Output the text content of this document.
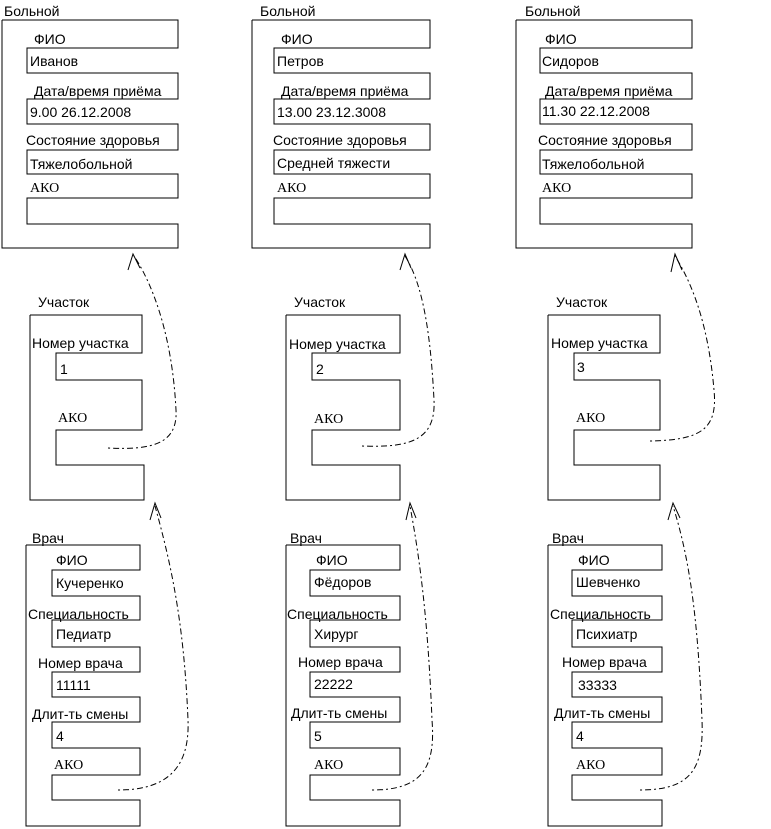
Больной
ФИО
Иванов
Дата/время приёма
9.00 26.12.2008
Состояние здоровья
Тяжелобольной
АКО
Больной
ФИО
Петров
Дата/время приёма
13.00 23.12.3008
Состояние здоровья
Средней тяжести
АКО
Больной
ФИО
Сидоров
Дата/время приёма
11.30 22.12.2008
Состояние здоровья
Тяжелобольной
АКО
Участок
Номер участка
1
АКО
Участок
Номер участка
2
АКО
Участок
Номер участка
3
АКО
Врач
ФИО
Кучеренко
Специальность
Педиатр
Номер врача
11111
Длит-ть смены
4
АКО
Врач
ФИО
Фёдоров
Специальность
Хирург
Номер врача
22222
Длит-ть смены
5
АКО
Врач
ФИО
Шевченко
Специальность
Психиатр
Номер врача
33333
Длит-ть смены
4
АКО
